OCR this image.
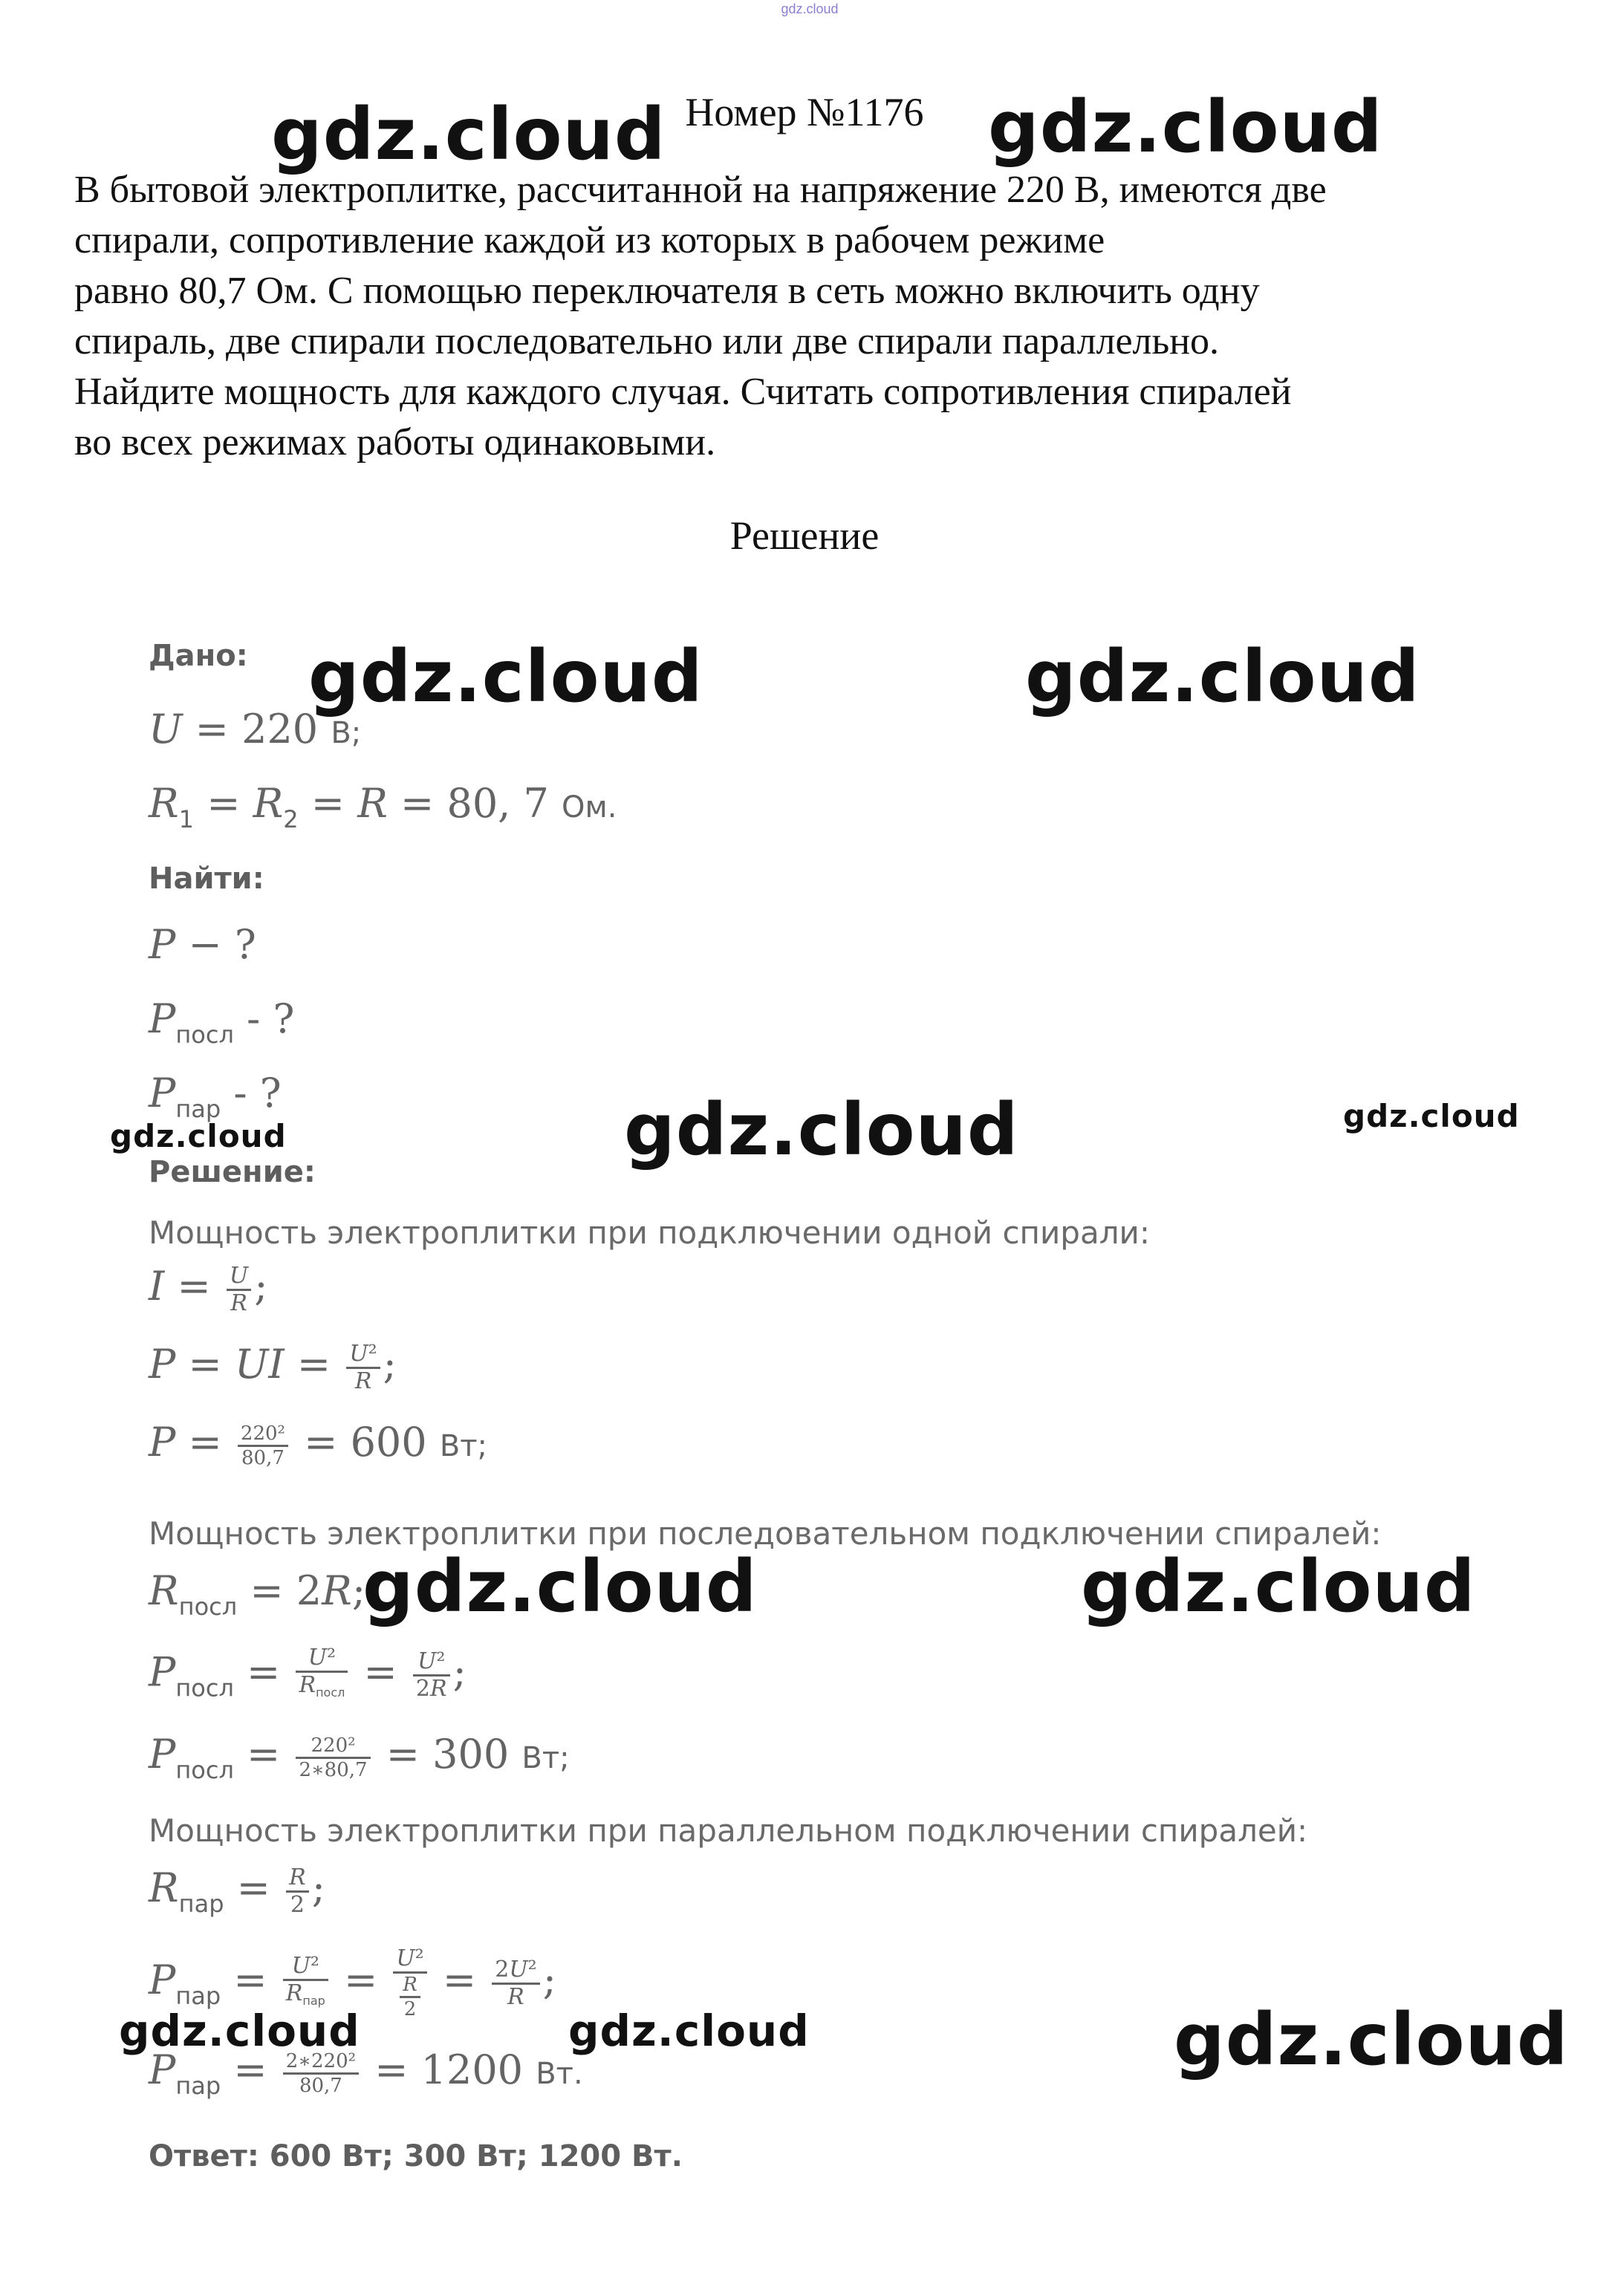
gdz.cloud
Номер №1176
В бытовой электроплитке, рассчитанной на напряжение 220 В, имеются две
спирали, сопротивление каждой из которых в рабочем режиме
равно 80,7 Ом. С помощью переключателя в сеть можно включить одну
спираль, две спирали последовательно или две спирали параллельно.
Найдите мощность для каждого случая. Считать сопротивления спиралей
во всех режимах работы одинаковыми.
Решение
Дано:
U = 220 В;
$R_1 = R_2 = R = 80$, 7 Ом.
Найти:
P − ?
$P_{посл}$ - ?
$P_{пар}$ - ?
Решение:
Мощность электроплитки при подключении одной спирали:
$I = \frac{U}{R}$ ;
P = UI = $\frac{\text{U²}}{R}$ ;
$P = \frac{\text{220²}}{80,7} = 600$ Вт;
Мощность электроплитки при последовательном подключении спиралей:
$R_{посл} = 2R$;
$P_{посл} = \frac{\text{U²}}{R_{посл}} = \frac{\text{U²}}{2R}$ ;
$P_{посл} = \frac{\text{220²}}{2∗80,7} = 300$ Вт;
Мощность электроплитки при параллельном подключении спиралей:
$R_{пар} = \frac{R}{2}$ ;
$P_{пар} = \frac{\text{U²}}{R_{пар}} = \frac{\text{U²}}{\frac{R}{2}} = \frac{\text{2U²}}{R}$ ;
$P_{пар} = \frac{\text{2∗220²}}{80,7} = 1200$ Вт.
Ответ: 600 Вт; 300 Вт; 1200 Вт.
gdz.cloud	gdz.cloud
gdz.cloud	gdz.cloud
gdz.cloud	gdz.cloud	gdz.cloud
gdz.cloud	gdz.cloud
gdz.cloud	gdz.cloud	gdz.cloud
